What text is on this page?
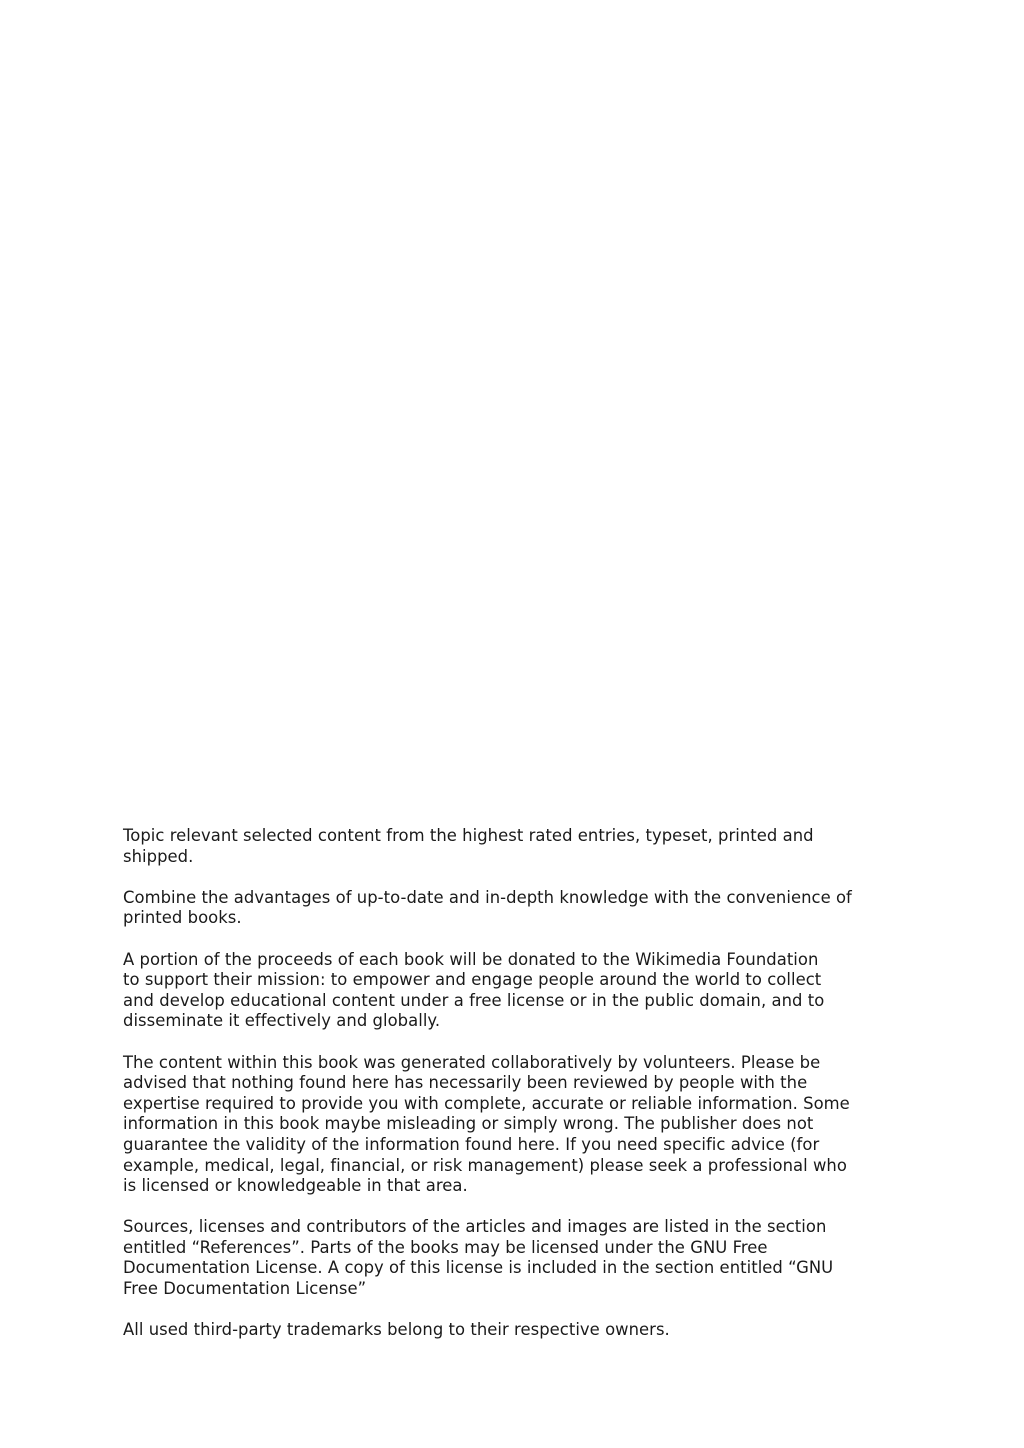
Topic relevant selected content from the highest rated entries, typeset, printed and
shipped.

Combine the advantages of up-to-date and in-depth knowledge with the convenience of
printed books.

A portion of the proceeds of each book will be donated to the Wikimedia Foundation
to support their mission: to empower and engage people around the world to collect
and develop educational content under a free license or in the public domain, and to
disseminate it effectively and globally.

The content within this book was generated collaboratively by volunteers. Please be
advised that nothing found here has necessarily been reviewed by people with the
expertise required to provide you with complete, accurate or reliable information. Some
information in this book maybe misleading or simply wrong. The publisher does not
guarantee the validity of the information found here. If you need specific advice (for
example, medical, legal, financial, or risk management) please seek a professional who
is licensed or knowledgeable in that area.

Sources, licenses and contributors of the articles and images are listed in the section
entitled “References”. Parts of the books may be licensed under the GNU Free
Documentation License. A copy of this license is included in the section entitled “GNU
Free Documentation License”

All used third-party trademarks belong to their respective owners.
